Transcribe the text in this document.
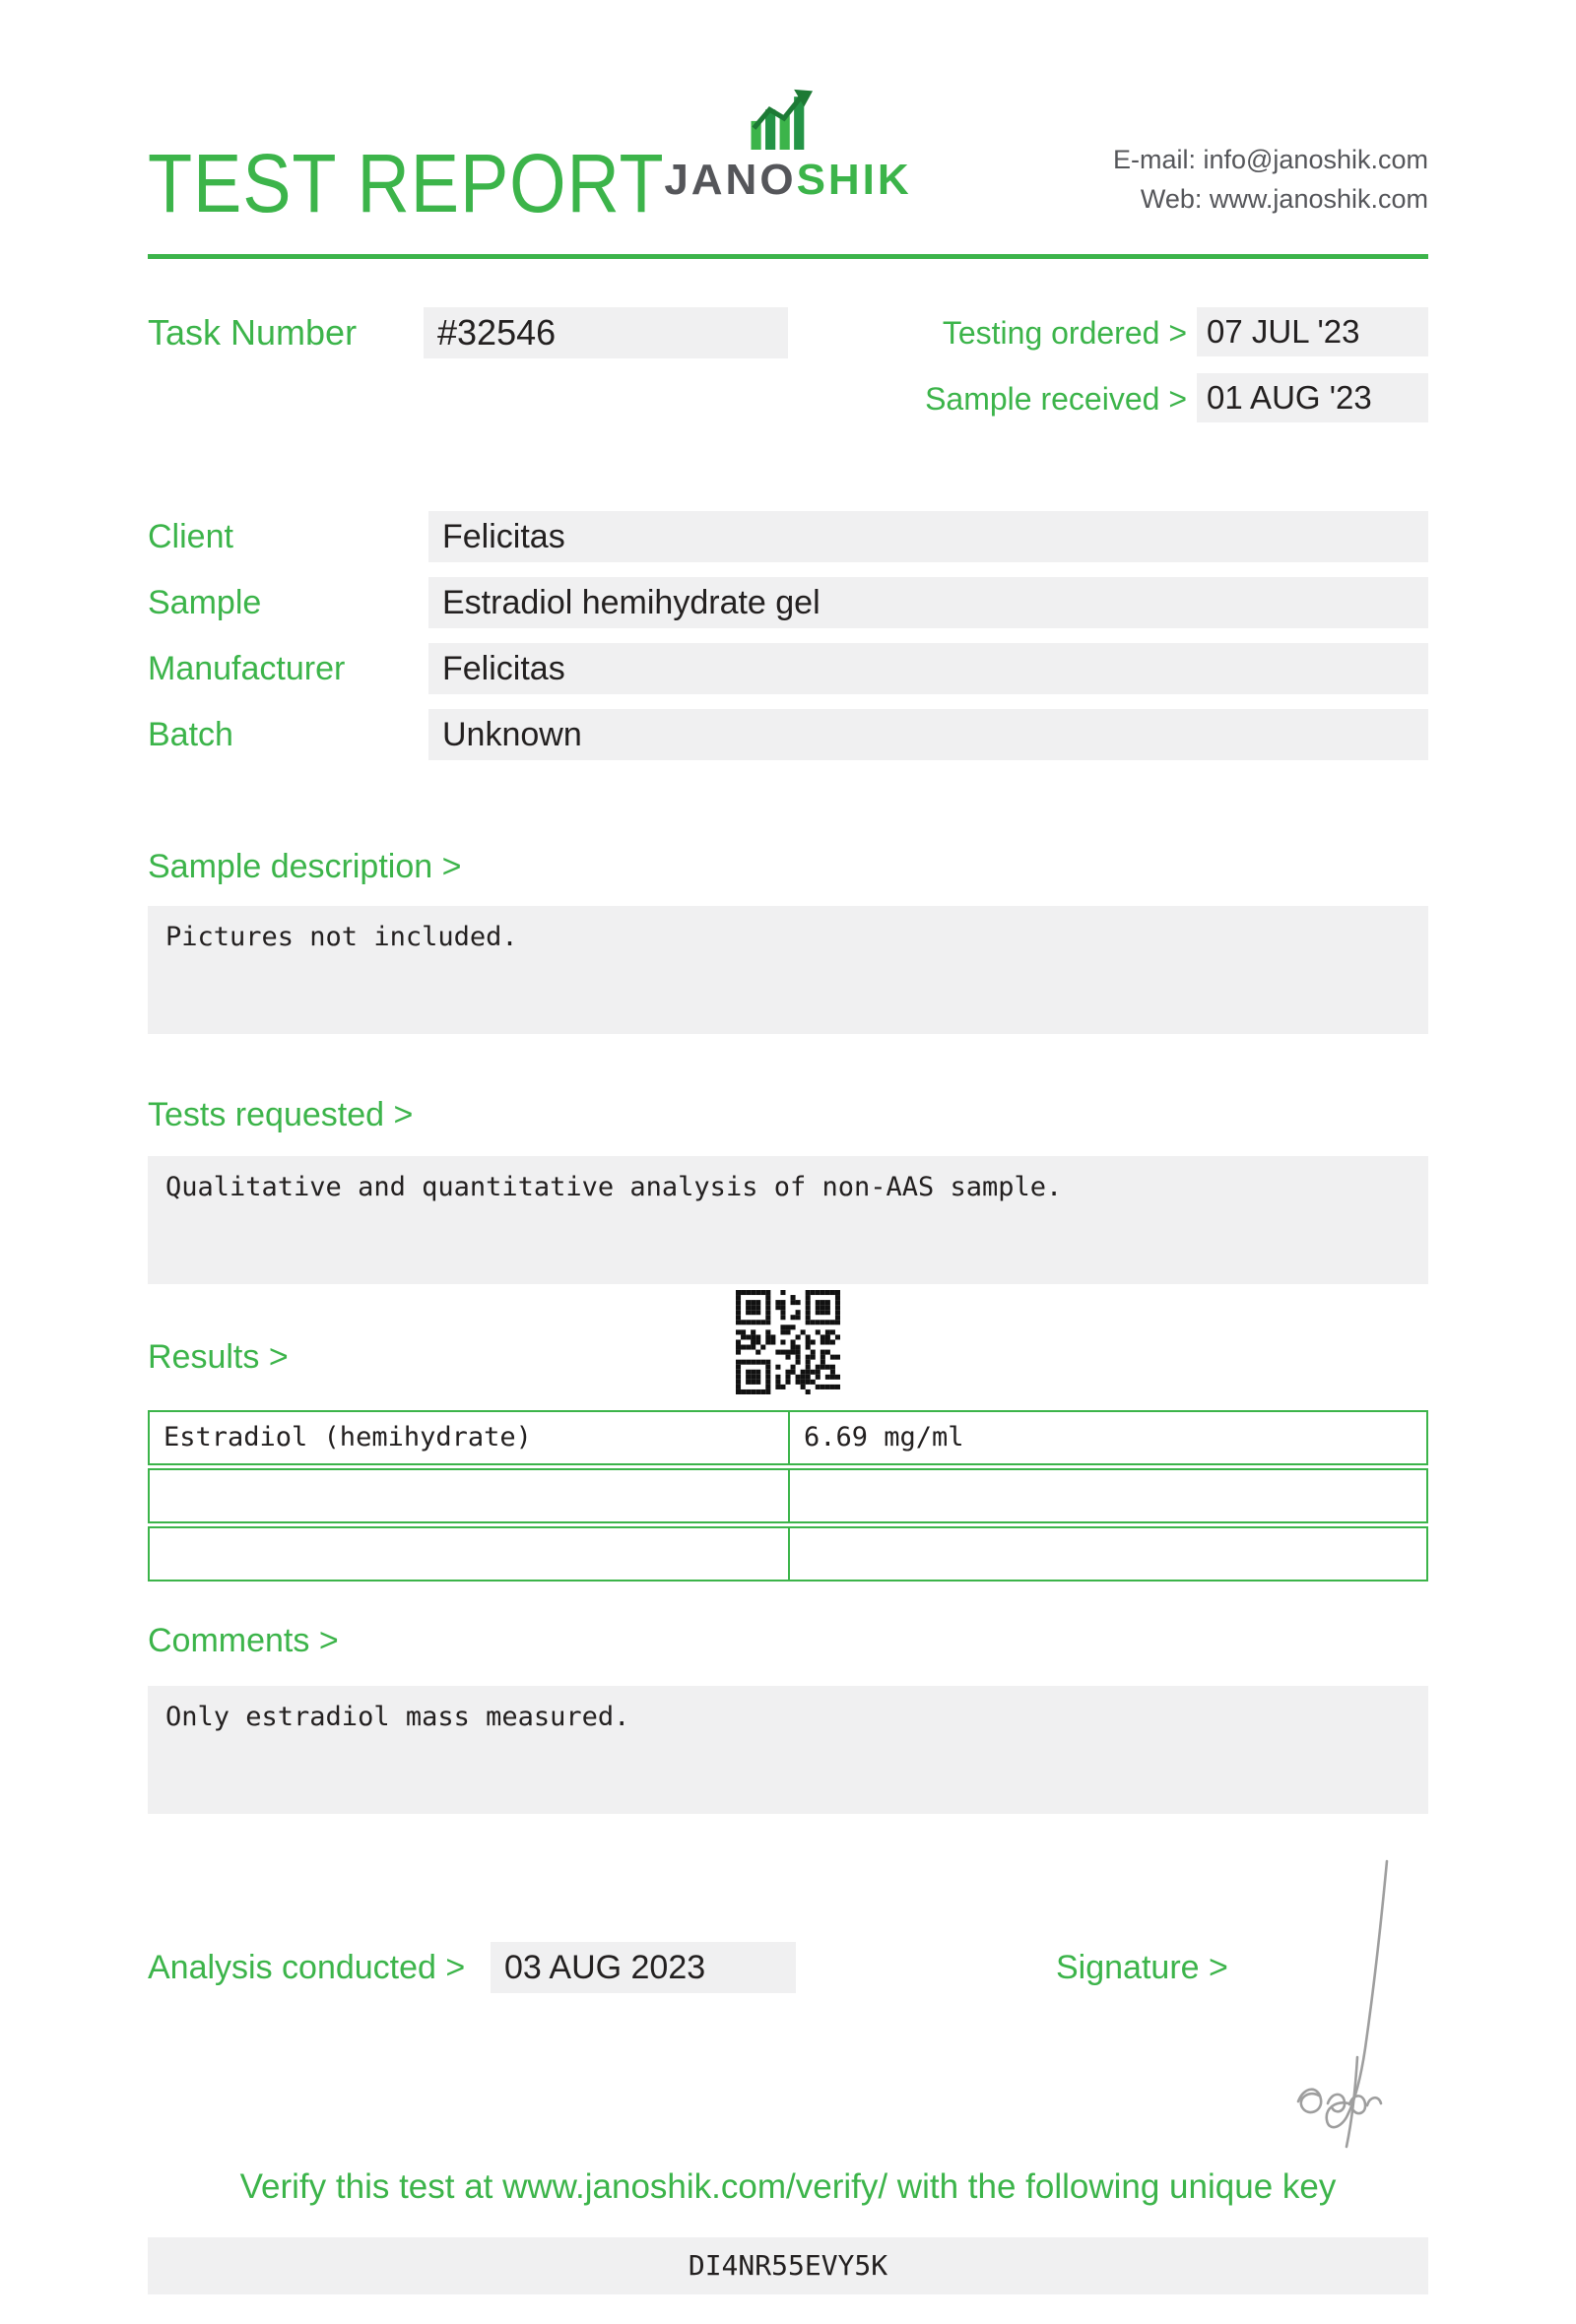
TEST REPORT JANOSHIK	E-mail: info@janoshik.com
Web: www.janoshik.com
Task Number	#32546	Testing ordered > 07 JUL '23
Sample received > 01 AUG '23
Client	Felicitas
Sample	Estradiol hemihydrate gel
Manufacturer	Felicitas
Batch	Unknown
Sample description >
Pictures not included.
Tests requested >
Qualitative and quantitative analysis of non-AAS sample.
Results >
Estradiol (hemihydrate)	6.69 mg/ml
Comments >
Only estradiol mass measured.
Analysis conducted >	03 AUG 2023	Signature >
Verify this test at www.janoshik.com/verify/ with the following unique key
DI4NR55EVY5K
